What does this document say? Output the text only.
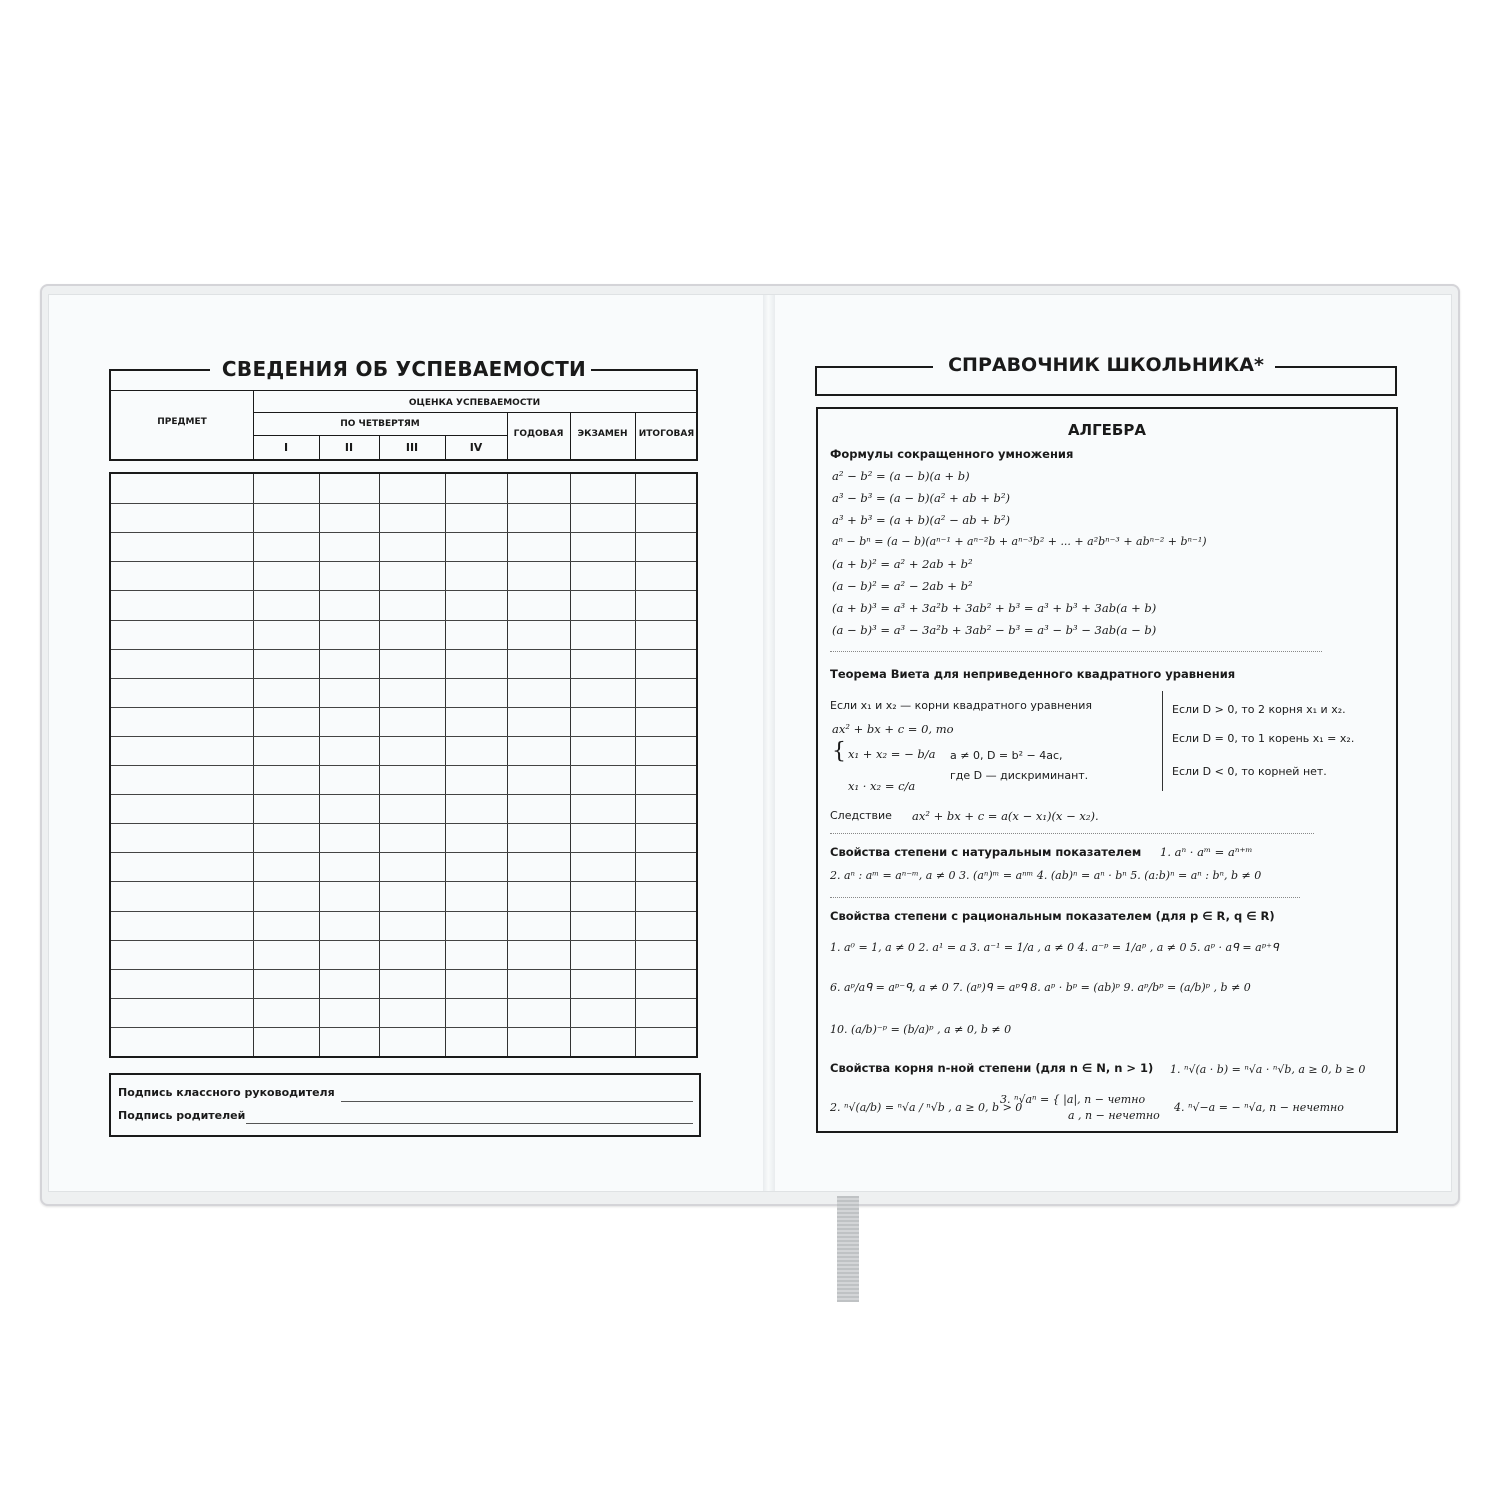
СВЕДЕНИЯ ОБ УСПЕВАЕМОСТИ
ПРЕДМЕТ
ОЦЕНКА УСПЕВАЕМОСТИ
ПО ЧЕТВЕРТЯМ
I	II	III	IV
ГОДОВАЯ	ЭКЗАМЕН	ИТОГОВАЯ
Подпись классного руководителя
Подпись родителей
СПРАВОЧНИК ШКОЛЬНИКА*
АЛГЕБРА
Формулы сокращенного умножения
a² − b² = (a − b)(a + b)
a³ − b³ = (a − b)(a² + ab + b²)
a³ + b³ = (a + b)(a² − ab + b²)
aⁿ − bⁿ = (a − b)(aⁿ⁻¹ + aⁿ⁻²b + aⁿ⁻³b² + ... + a²bⁿ⁻³ + abⁿ⁻² + bⁿ⁻¹)
(a + b)² = a² + 2ab + b²
(a − b)² = a² − 2ab + b²
(a + b)³ = a³ + 3a²b + 3ab² + b³ = a³ + b³ + 3ab(a + b)
(a − b)³ = a³ − 3a²b + 3ab² − b³ = a³ − b³ − 3ab(a − b)
Теорема Виета для неприведенного квадратного уравнения
Если x₁ и x₂ — корни квадратного уравнения
ax² + bx + c = 0, то
{ x₁ + x₂ = − b/a
x₁ · x₂ = c/a
a ≠ 0, D = b² − 4ac,
где D — дискриминант.
Если D > 0, то 2 корня x₁ и x₂.
Если D = 0, то 1 корень x₁ = x₂.
Если D < 0, то корней нет.
Следствие ax² + bx + c = a(x − x₁)(x − x₂).
Свойства степени с натуральным показателем 1. aⁿ · aᵐ = aⁿ⁺ᵐ
2. aⁿ : aᵐ = aⁿ⁻ᵐ, a ≠ 0 3. (aⁿ)ᵐ = aⁿᵐ 4. (ab)ⁿ = aⁿ · bⁿ 5. (a:b)ⁿ = aⁿ : bⁿ, b ≠ 0
Свойства степени с рациональным показателем (для p ∈ R, q ∈ R)
1. a⁰ = 1, a ≠ 0 2. a¹ = a 3. a⁻¹ = 1/a , a ≠ 0 4. a⁻ᵖ = 1/aᵖ , a ≠ 0 5. aᵖ · aᑫ = aᵖ⁺ᑫ
6. aᵖ/aᑫ = aᵖ⁻ᑫ, a ≠ 0 7. (aᵖ)ᑫ = aᵖᑫ 8. aᵖ · bᵖ = (ab)ᵖ 9. aᵖ/bᵖ = (a/b)ᵖ , b ≠ 0
10. (a/b)⁻ᵖ = (b/a)ᵖ , a ≠ 0, b ≠ 0
Свойства корня n-ной степени (для n ∈ N, n > 1) 1. ⁿ√(a · b) = ⁿ√a · ⁿ√b, a ≥ 0, b ≥ 0
2. ⁿ√(a/b) = ⁿ√a / ⁿ√b , a ≥ 0, b > 0
3. ⁿ√aⁿ = { |a|, n − четно
a , n − нечетно
4. ⁿ√−a = − ⁿ√a, n − нечетно
